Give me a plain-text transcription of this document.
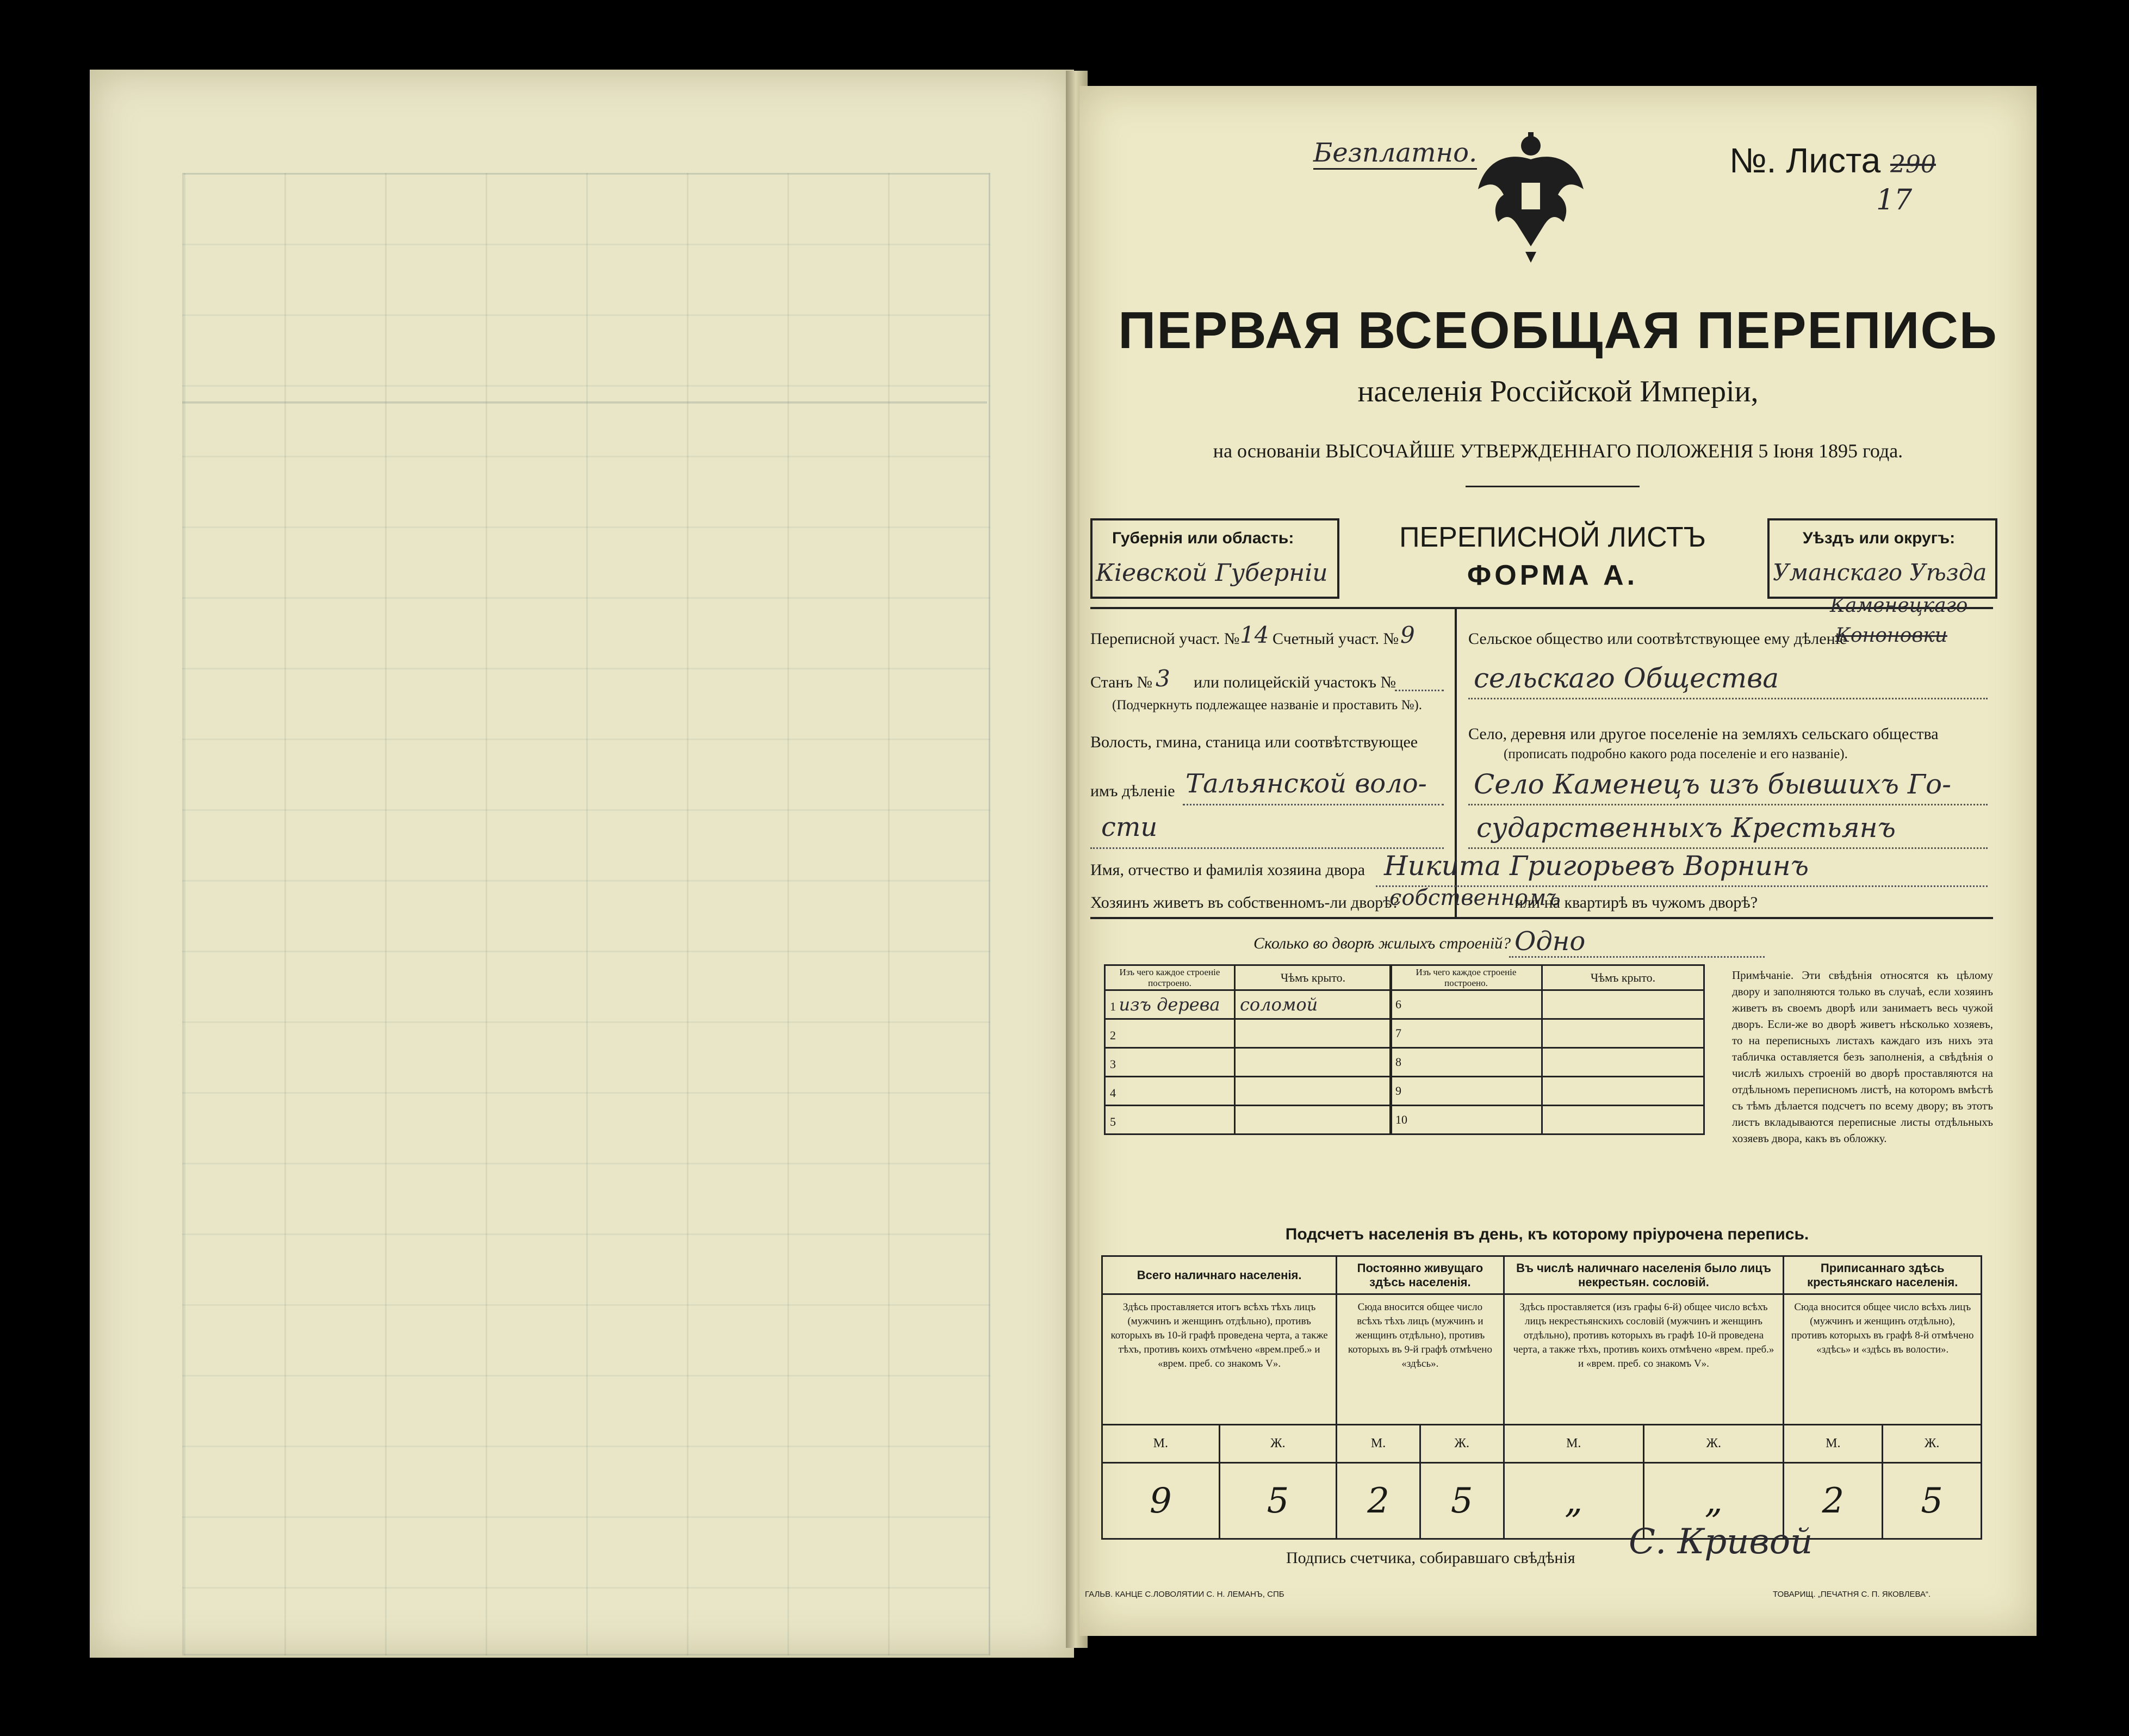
Безплатно.	№. Листа 290
17
ПЕРВАЯ ВСЕОБЩАЯ ПЕРЕПИСЬ
населенія Россійской Имперіи,
на основаніи ВЫСОЧАЙШЕ УТВЕРЖДЕННАГО ПОЛОЖЕНІЯ 5 Іюня 1895 года.
Губернія или область:
Кіевской Губерніи
ПЕРЕПИСНОЙ ЛИСТЪ
ФОРМА А.
Уѣздъ или округъ:
Уманскаго Уѣзда
Переписной участ. № 14 Счетный участ. № 9
Станъ № 3 или полицейскій участокъ №
(Подчеркнуть подлежащее названіе и проставить №).
Волость, гмина, станица или соотвѣтствующее
имъ дѣленіе Тальянской воло-
сти
Сельское общество или соотвѣтствующее ему дѣленіе
Каменецкаго
Кононовки
сельскаго Общества
Село, деревня или другое поселеніе на земляхъ сельскаго общества
(прописать подробно какого рода поселеніе и его названіе).
Село Каменецъ изъ бывшихъ Го-
сударственныхъ Крестьянъ
Имя, отчество и фамилія хозяина двора Никита Григорьевъ Ворнинъ
Хозяинъ живетъ въ собственномъ-ли дворѣ?
собственномъ
или на квартирѣ въ чужомъ дворѣ?
Сколько во дворѣ жилыхъ строеній? Одно
Изъ чего каждое строеніе построено.	Чѣмъ крыто.
1 изъ дерева	соломой
2	
3	
4	
5	
Изъ чего каждое строеніе построено.	Чѣмъ крыто.
6	
7	
8	
9	
10	
Примѣчаніе. Эти свѣдѣнія относятся къ цѣлому двору и заполняются только въ случаѣ, если хозяинъ живетъ въ своемъ дворѣ или занимаетъ весь чужой дворъ. Если-же во дворѣ живетъ нѣсколько хозяевъ, то на переписныхъ листахъ каждаго изъ нихъ эта табличка оставляется безъ заполненія, а свѣдѣнія о числѣ жилыхъ строеній во дворѣ проставляются на отдѣльномъ переписномъ листѣ, на которомъ вмѣстѣ съ тѣмъ дѣлается подсчетъ по всему двору; въ этотъ листъ вкладываются переписные листы отдѣльныхъ хозяевъ двора, какъ въ обложку.
Подсчетъ населенія въ день, къ которому пріурочена перепись.
Всего наличнаго населенія.		Постоянно живущаго здѣсь населенія.		Въ числѣ наличнаго населенія было лицъ некрестьян. сословій.		Приписаннаго здѣсь крестьянскаго населенія.	
Здѣсь проставляется итогъ всѣхъ тѣхъ лицъ (мужчинъ и женщинъ отдѣльно), противъ которыхъ въ 10-й графѣ проведена черта, а также тѣхъ, противъ коихъ отмѣчено «врем.преб.» и «врем. преб. со знакомъ V».		Сюда вносится общее число всѣхъ тѣхъ лицъ (мужчинъ и женщинъ отдѣльно), противъ которыхъ въ 9-й графѣ отмѣчено «здѣсь».		Здѣсь проставляется (изъ графы 6-й) общее число всѣхъ лицъ некрестьянскихъ сословій (мужчинъ и женщинъ отдѣльно), противъ которыхъ въ графѣ 10-й проведена черта, а также тѣхъ, противъ коихъ отмѣчено «врем. преб.» и «врем. преб. со знакомъ V».		Сюда вносится общее число всѣхъ лицъ (мужчинъ и женщинъ отдѣльно), противъ которыхъ въ графѣ 8-й отмѣчено «здѣсь» и «здѣсь въ волости».	
М.	Ж.	М.	Ж.	М.	Ж.	М.	Ж.
9	5	2	5	„	„	2	5
Подпись счетчика, собиравшаго свѣдѣнія С. Кривой
ГАЛЬВ. КАНЦЕ С.ЛОВОЛЯТИИ С. Н. ЛЕМАНЪ, СПБ	ТОВАРИЩ. „ПЕЧАТНЯ С. П. ЯКОВЛЕВА“.
